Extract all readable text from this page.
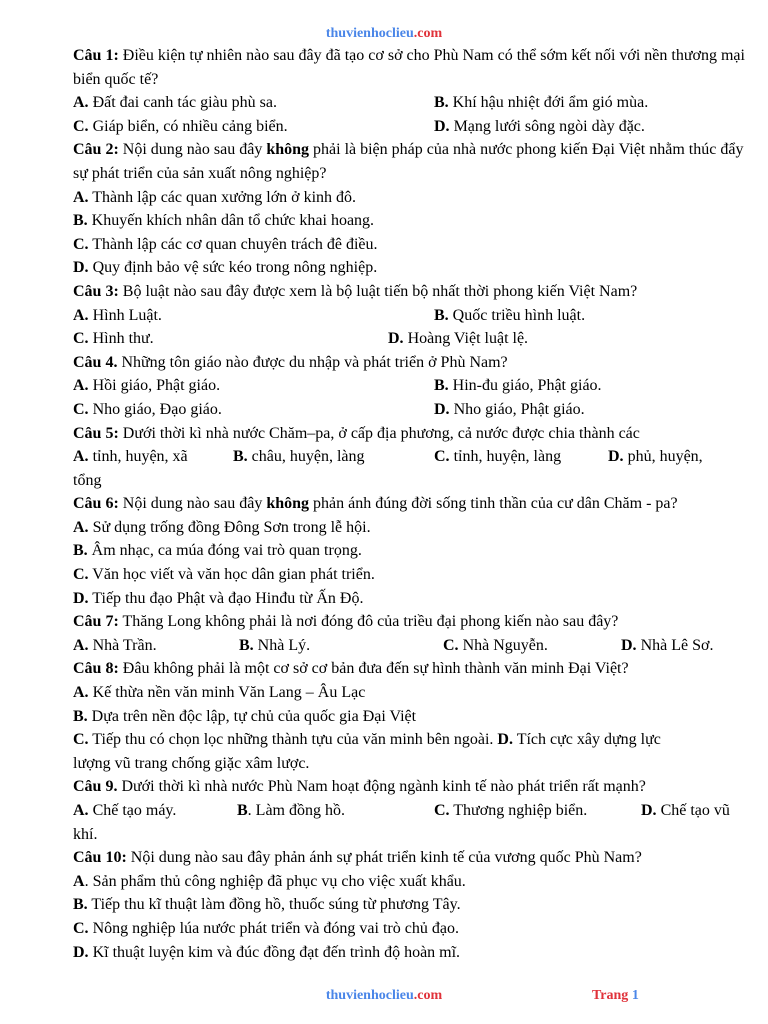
thuvienhoclieu.com
Câu 1: Điều kiện tự nhiên nào sau đây đã tạo cơ sở cho Phù Nam có thể sớm kết nối với nền thương mại biển quốc tế?
A. Đất đai canh tác giàu phù sa.	B. Khí hậu nhiệt đới ẩm gió mùa.
C. Giáp biển, có nhiều cảng biển.	D. Mạng lưới sông ngòi dày đặc.
Câu 2: Nội dung nào sau đây không phải là biện pháp của nhà nước phong kiến Đại Việt nhằm thúc đẩy sự phát triển của sản xuất nông nghiệp?
A. Thành lập các quan xưởng lớn ở kinh đô.
B. Khuyến khích nhân dân tổ chức khai hoang.
C. Thành lập các cơ quan chuyên trách đê điều.
D. Quy định bảo vệ sức kéo trong nông nghiệp.
Câu 3: Bộ luật nào sau đây được xem là bộ luật tiến bộ nhất thời phong kiến Việt Nam?
A. Hình Luật.	B. Quốc triều hình luật.
C. Hình thư.	D. Hoàng Việt luật lệ.
Câu 4. Những tôn giáo nào được du nhập và phát triển ở Phù Nam?
A. Hồi giáo, Phật giáo.	B. Hin-đu giáo, Phật giáo.
C. Nho giáo, Đạo giáo.	D. Nho giáo, Phật giáo.
Câu 5: Dưới thời kì nhà nước Chăm–pa, ở cấp địa phương, cả nước được chia thành các
A. tỉnh, huyện, xã	B. châu, huyện, làng	C. tỉnh, huyện, làng	D. phủ, huyện,
tổng
Câu 6: Nội dung nào sau đây không phản ánh đúng đời sống tinh thần của cư dân Chăm - pa?
A. Sử dụng trống đồng Đông Sơn trong lễ hội.
B. Âm nhạc, ca múa đóng vai trò quan trọng.
C. Văn học viết và văn học dân gian phát triển.
D. Tiếp thu đạo Phật và đạo Hinđu từ Ấn Độ.
Câu 7: Thăng Long không phải là nơi đóng đô của triều đại phong kiến nào sau đây?
A. Nhà Trần.	B. Nhà Lý.	C. Nhà Nguyễn.	D. Nhà Lê Sơ.
Câu 8: Đâu không phải là một cơ sở cơ bản đưa đến sự hình thành văn minh Đại Việt?
A. Kế thừa nền văn minh Văn Lang – Âu Lạc
B. Dựa trên nền độc lập, tự chủ của quốc gia Đại Việt
C. Tiếp thu có chọn lọc những thành tựu của văn minh bên ngoài. D. Tích cực xây dựng lực
lượng vũ trang chống giặc xâm lược.
Câu 9. Dưới thời kì nhà nước Phù Nam hoạt động ngành kinh tế nào phát triển rất mạnh?
A. Chế tạo máy.	B. Làm đồng hồ.	C. Thương nghiệp biển.	D. Chế tạo vũ
khí.
Câu 10: Nội dung nào sau đây phản ánh sự phát triển kinh tế của vương quốc Phù Nam?
A. Sản phẩm thủ công nghiệp đã phục vụ cho việc xuất khẩu.
B. Tiếp thu kĩ thuật làm đồng hồ, thuốc súng từ phương Tây.
C. Nông nghiệp lúa nước phát triển và đóng vai trò chủ đạo.
D. Kĩ thuật luyện kim và đúc đồng đạt đến trình độ hoàn mĩ.
thuvienhoclieu.com	Trang 1
